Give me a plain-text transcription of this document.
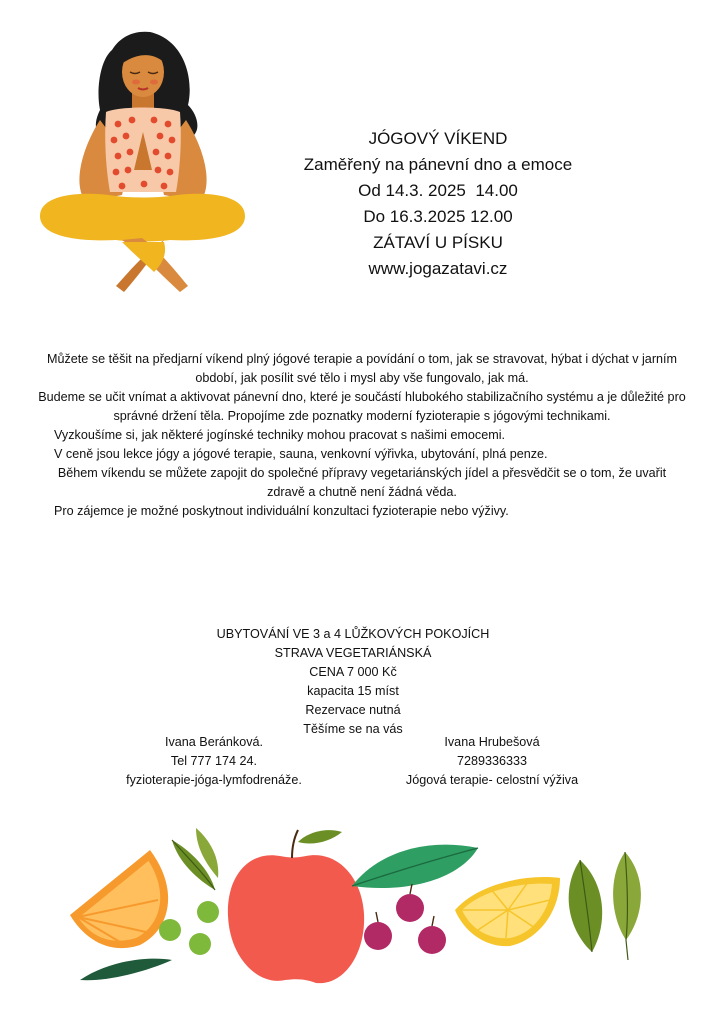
JÓGOVÝ VÍKEND
Zaměřený na pánevní dno a emoce
Od 14.3. 2025  14.00
Do 16.3.2025 12.00
ZÁTAVÍ U PÍSKU
www.jogazatavi.cz

Můžete se těšit na předjarní víkend plný jógové terapie a povídání o tom, jak se stravovat, hýbat i dýchat v jarním období, jak posílit své tělo i mysl aby vše fungovalo, jak má.

Budeme se učit vnímat a aktivovat pánevní dno, které je součástí hlubokého stabilizačního systému a je důležité pro správné držení těla. Propojíme zde poznatky moderní fyzioterapie s jógovými technikami.

Vyzkoušíme si, jak některé jogínské techniky mohou pracovat s našimi emocemi.

V ceně jsou lekce jógy a jógové terapie, sauna, venkovní výřivka, ubytování, plná penze.

Během víkendu se můžete zapojit do společné přípravy vegetariánských jídel a přesvědčit se o tom, že uvařit zdravě a chutně není žádná věda.

Pro zájemce je možné poskytnout individuální konzultaci fyzioterapie nebo výživy.

UBYTOVÁNÍ VE 3 a 4 LŮŽKOVÝCH POKOJÍCH
STRAVA VEGETARIÁNSKÁ
CENA 7 000 Kč
kapacita 15 míst
Rezervace nutná
Těšíme se na vás
Ivana Beránková.
Tel 777 174 24.
fyzioterapie-jóga-lymfodrenáže.
Ivana Hrubešová
7289336333
Jógová terapie- celostní výživa
